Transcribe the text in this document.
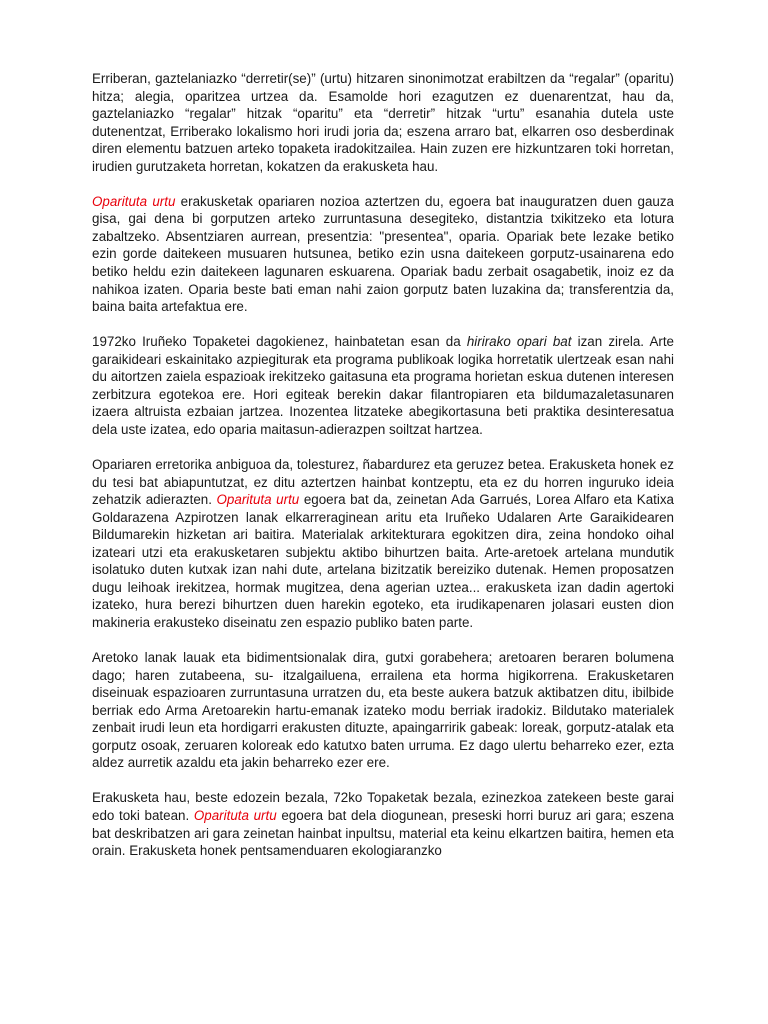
Erriberan, gaztelaniazko “derretir(se)” (urtu) hitzaren sinonimotzat erabiltzen da “regalar” (oparitu) hitza; alegia, oparitzea urtzea da. Esamolde hori ezagutzen ez duenarentzat, hau da, gaztelaniazko “regalar” hitzak “oparitu” eta “derretir” hitzak “urtu” esanahia dutela uste dutenentzat, Erriberako lokalismo hori irudi joria da; eszena arraro bat, elkarren oso desberdinak diren elementu batzuen arteko topaketa iradokitzailea. Hain zuzen ere hizkuntzaren toki horretan, irudien gurutzaketa horretan, kokatzen da erakusketa hau.

Oparituta urtu erakusketak opariaren nozioa aztertzen du, egoera bat inauguratzen duen gauza gisa, gai dena bi gorputzen arteko zurruntasuna desegiteko, distantzia txikitzeko eta lotura zabaltzeko. Absentziaren aurrean, presentzia: "presentea", oparia. Opariak bete lezake betiko ezin gorde daitekeen musuaren hutsunea, betiko ezin usna daitekeen gorputz-usainarena edo betiko heldu ezin daitekeen lagunaren eskuarena. Opariak badu zerbait osagabetik, inoiz ez da nahikoa izaten. Oparia beste bati eman nahi zaion gorputz baten luzakina da; transferentzia da, baina baita artefaktua ere.

1972ko Iruñeko Topaketei dagokienez, hainbatetan esan da hirirako opari bat izan zirela. Arte garaikideari eskainitako azpiegiturak eta programa publikoak logika horretatik ulertzeak esan nahi du aitortzen zaiela espazioak irekitzeko gaitasuna eta programa horietan eskua dutenen interesen zerbitzura egotekoa ere. Hori egiteak berekin dakar filantropiaren eta bildumazaletasunaren izaera altruista ezbaian jartzea. Inozentea litzateke abegikortasuna beti praktika desinteresatua dela uste izatea, edo oparia maitasun-adierazpen soiltzat hartzea.

Opariaren erretorika anbiguoa da, tolesturez, ñabardurez eta geruzez betea. Erakusketa honek ez du tesi bat abiapuntutzat, ez ditu aztertzen hainbat kontzeptu, eta ez du horren inguruko ideia zehatzik adierazten. Oparituta urtu egoera bat da, zeinetan Ada Garrués, Lorea Alfaro eta Katixa Goldarazena Azpirotzen lanak elkarreraginean aritu eta Iruñeko Udalaren Arte Garaikidearen Bildumarekin hizketan ari baitira. Materialak arkitekturara egokitzen dira, zeina hondoko oihal izateari utzi eta erakusketaren subjektu aktibo bihurtzen baita. Arte-aretoek artelana mundutik isolatuko duten kutxak izan nahi dute, artelana bizitzatik bereiziko dutenak. Hemen proposatzen dugu leihoak irekitzea, hormak mugitzea, dena agerian uztea... erakusketa izan dadin agertoki izateko, hura berezi bihurtzen duen harekin egoteko, eta irudikapenaren jolasari eusten dion makineria erakusteko diseinatu zen espazio publiko baten parte.

Aretoko lanak lauak eta bidimentsionalak dira, gutxi gorabehera; aretoaren beraren bolumena dago; haren zutabeena, su- itzalgailuena, errailena eta horma higikorrena. Erakusketaren diseinuak espazioaren zurruntasuna urratzen du, eta beste aukera batzuk aktibatzen ditu, ibilbide berriak edo Arma Aretoarekin hartu-emanak izateko modu berriak iradokiz. Bildutako materialek zenbait irudi leun eta hordigarri erakusten dituzte, apaingarririk gabeak: loreak, gorputz-atalak eta gorputz osoak, zeruaren koloreak edo katutxo baten urruma. Ez dago ulertu beharreko ezer, ezta aldez aurretik azaldu eta jakin beharreko ezer ere.

Erakusketa hau, beste edozein bezala, 72ko Topaketak bezala, ezinezkoa zatekeen beste garai edo toki batean. Oparituta urtu egoera bat dela diogunean, preseski horri buruz ari gara; eszena bat deskribatzen ari gara zeinetan hainbat inpultsu, material eta keinu elkartzen baitira, hemen eta orain. Erakusketa honek pentsamenduaren ekologiaranzko
